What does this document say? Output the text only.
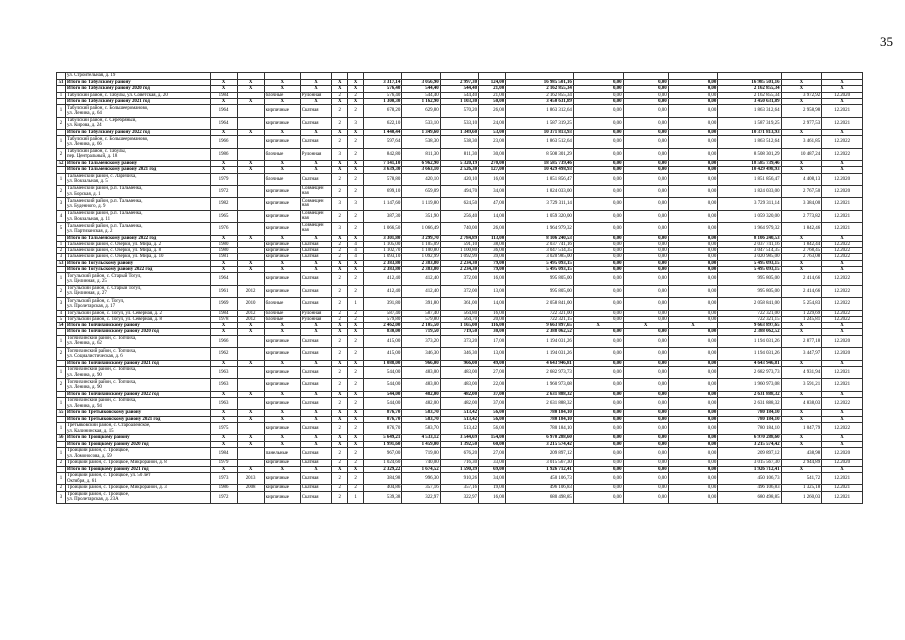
35
	ул. Строительная, д. 19																	
51	Итого по Табулскому району	X	X	X	X	X	X	3 317,14	3 056,90	2 997,30	124,00	16 985 501,16	0,00	0,00	0,00	16 985 501,16	X	X
	Итого по Табулскому району 2020 год	X	X	X	X	X	X	576,40	544,40	544,40	21,00	2 162 855,34	0,00	0,00	0,00	2 162 855,34	X	X
1	Табулский район, с. Табулы, ул. Советская, д. 20	1984		блочные	Рулонная	2	2	576,40	544,40	544,40	21,00	2 162 855,34	0,00	0,00	0,00	2 162 855,34	3 972,92	12.2020
	Итого по Табулскому району 2021 год	X	X	X	X	X	X	1 300,30	1 162,90	1 103,30	50,00	3 450 631,89	0,00	0,00	0,00	3 450 631,89	X	X
1	Табулский район, с. Большеероманово,
ул. Ленина, д. 64	1964		кирпичные	Скатная	2	2	678,20	629,80	570,20	26,00	1 863 312,64	0,00	0,00	0,00	1 863 312,64	2 958,98	12.2021
2	Табулский район, с. Серебряный,
ул. Кирова, д. 24	1964		кирпичные	Скатная	2	3	622,10	533,10	533,10	24,00	1 587 319,25	0,00	0,00	0,00	1 587 319,25	2 977,53	12.2021
	Итого по Табулскому району 2022 год	X	X	X	X	X	X	1 440,44	1 349,60	1 349,60	53,00	10 371 813,93	0,00	0,00	0,00	10 371 813,93	X	X
1	Табулский район, с. Большеероманово,
ул. Ленина, д. 66	1966		кирпичные	Скатная	2	2	597,64	538,30	538,30	23,00	1 863 512,64	0,00	0,00	0,00	1 863 512,64	3 461,85	12.2022
2	Табулский район, с. Табулы,
пер. Центральный, д. 18	1986		блочные	Рулонная	3	2	842,80	811,30	811,30	30,00	8 508 301,29	0,00	0,00	0,00	8 508 301,29	10 487,24	12.2022
52	Итого по Тальменскому району	X	X	X	X	X	X	7 141,10	6 962,90	5 320,19	270,00	18 585 739,46	0,00	0,00	0,00	18 585 739,46	X	X
	Итого по Тальменскому району 2021 год	X	X	X	X	X	X	3 639,30	3 663,10	2 526,30	127,00	10 429 498,93	0,00	0,00	0,00	10 429 498,93	X	X
1	Тальменский район, с. Ларичиха,
ул. Вокзальная, д. 5	1979		блочные	Скатная	2	2	578,80	420,10	420,10	16,00	1 851 856,47	0,00	0,00	0,00	1 851 856,47	4 408,13	12.2020
2	Тальменский район, р.п. Тальменка,
ул. Борская, д. 1	1972		кирпичные	Совмещен
ная	2	2	699,10	659,09	494,70	34,00	1 824 033,00	0,00	0,00	0,00	1 824 033,00	2 767,50	12.2020
3	Тальменский район, р.п. Тальменка,
ул. Буденного, д. 9	1982		кирпичные	Совмещен
ная	3	3	1 147,60	1 119,80	624,50	47,00	3 729 311,14	0,00	0,00	0,00	3 729 311,14	3 384,00	12.2021
4	Тальменский район, р.п. Тальменка,
ул. Вокзальная, д. 11	1965		кирпичные	Совмещен
ная	2	2	387,30	351,90	256,40	14,00	1 059 320,00	0,00	0,00	0,00	1 059 320,00	2 773,82	12.2021
5	Тальменский район, р.п. Тальменка,
ул. Партизанская, д. 2	1976		кирпичные	Совмещен
ная	3	2	1 066,50	1 066,49	740,00	26,00	1 964 979,32	0,00	0,00	0,00	1 964 979,32	1 842,46	12.2021
	Итого по Тальменскому району 2022 год	X	X	X	X	X	X	3 301,80	3 299,70	2 784,89	113,00	8 106 240,53	0,00	0,00	0,00	8 106 240,53	X	X
1	Тальменский район, с. Озерки, ул. Мира, д. 2	1980		кирпичные	Скатная	2	4	1 105,00	1 105,09	591,10	38,00	2 037 741,16	0,00	0,00	0,00	2 037 741,16	1 842,44	12.2022
2	Тальменский район, с. Озерки, ул. Мира, д. 8	1980		кирпичные	Скатная	2	4	1 102,70	1 100,80	1 100,80	36,00	3 047 514,35	0,00	0,00	0,00	3 047 514,35	2 768,45	12.2022
3	Тальменский район, с. Озерки, ул. Мира, д. 10	1981		кирпичные	Скатная	2	4	1 093,10	1 092,99	1 092,99	39,00	3 020 985,00	0,00	0,00	0,00	3 020 985,00	2 763,08	12.2022
53	Итого по Тогульскому району	X	X	X	X	X	X	2 383,80	2 383,80	2 234,30	79,00	5 495 093,15	0,00	0,00	0,00	5 495 093,15	X	X
	Итого по Тогульскому району 2022 год	X	X	X	X	X	X	2 383,80	2 383,80	2 234,30	79,00	5 495 093,15	0,00	0,00	0,00	5 495 093,15	X	X
1	Тогульский район, с. Старый Тогул,
ул. Целинная, д. 25	1964		кирпичные	Скатная	2	2	412,40	412,40	372,00	16,00	995 805,00	0,00	0,00	0,00	995 805,00	2 414,66	12.2022
2	Тогульский район, с. Старый Тогул,
ул. Целинная, д. 27	1961	2012	кирпичные	Скатная	2	2	412,40	412,40	372,00	13,00	995 805,00	0,00	0,00	0,00	995 805,00	2 414,66	12.2022
3	Тогульский район, с. Тогул,
ул. Пролетарская, д. 17	1969	2010	блочные	Скатная	2	1	391,80	391,80	361,00	14,00	2 058 841,00	0,00	0,00	0,00	2 058 841,00	5 254,83	12.2022
4	Тогульский район, с. Тогул, ул. Северная, д. 2	1984	2012	блочные	Рулонная	2	2	587,40	587,40	564,80	16,00	722 321,00	0,00	0,00	0,00	722 321,00	1 229,69	12.2022
5	Тогульский район, с. Тогул, ул. Северная, д. 8	1978	2012	блочные	Рулонная	2	2	579,80	579,80	564,70	20,00	722 321,15	0,00	0,00	0,00	722 321,15	1 245,81	12.2022
54	Итого по Топчихинскому району	X	X	X	X	X	X	2 462,00	2 105,50	1 165,00	116,00	9 663 897,65	X	X	X	9 663 897,65	X	X
	Итого по Топчихинскому району 2020 год	X	X	X	X	X	X	830,00	719,50	719,50	30,00	2 388 062,52	0,00	0,00	0,00	2 388 062,52	X	X
1	Топчихинский район, с. Топчиха,
ул. Ленина, д. 62	1966		кирпичные	Скатная	2	2	415,00	373,20	373,20	17,00	1 194 031,26	0,00	0,00	0,00	1 194 031,26	2 877,18	12.2020
2	Топчихинский район, с. Топчиха,
ул. Социалистическая, д. 6	1962		кирпичные	Скатная	2	2	415,00	346,30	346,30	13,00	1 194 031,26	0,00	0,00	0,00	1 194 031,26	3 447,97	12.2020
	Итого по Топчихинскому району 2021 год	X	X	X	X	X	X	1 088,00	966,00	966,00	49,00	4 643 946,81	0,00	0,00	0,00	4 643 946,81	X	X
1	Топчихинский район, с. Топчиха,
ул. Ленина, д. 90	1963		кирпичные	Скатная	2	2	544,00	483,00	483,00	27,00	2 682 973,73	0,00	0,00	0,00	2 682 973,73	4 931,94	12.2021
2	Топчихинский район, с. Топчиха,
ул. Ленина, д. 90	1963		кирпичные	Скатная	2	2	544,00	483,00	483,00	22,00	1 960 973,08	0,00	0,00	0,00	1 960 973,08	3 591,21	12.2021
	Итого по Топчихинскому району 2022 год	X	X	X	X	X	X	544,00	482,00	482,00	37,00	2 631 888,32	0,00	0,00	0,00	2 631 888,32	X	X
1	Топчихинский район, с. Топчиха,
ул. Ленина, д. 94	1963		кирпичные	Скатная	2	2	544,00	482,00	482,00	37,00	2 631 888,32	0,00	0,00	0,00	2 631 888,32	4 838,03	12.2022
55	Итого по Третьяковскому району	X	X	X	X	X	X	876,70	583,70	513,42	56,00	780 184,10	0,00	0,00	0,00	780 184,10	X	X
	Итого по Третьяковскому району 2021 год	X	X	X	X	X	X	876,70	583,70	513,42	56,00	780 184,10	0,00	0,00	0,00	780 184,10	X	X
1	Третьяковский район, с. Староалейское,
ул. Калининская, д. 15	1975		кирпичные	Скатная	2	2	876,70	583,70	513,42	56,00	780 184,10	0,00	0,00	0,00	780 184,10	1 047,79	12.2022
56	Итого по Троицкому району	X	X	X	X	X	X	5 649,21	4 533,12	3 544,69	154,00	6 970 288,60	0,00	0,00	0,00	6 970 288,60	X	X
	Итого по Троицкому району 2020 год	X	X	X	X	X	X	1 991,60	1 459,00	1 392,50	60,00	3 215 574,42	0,00	0,00	0,00	3 215 574,42	X	X
1	Троицкий район, с. Троицкое,
ул. Ломоносова, д. 59	1984		панельные	Скатная	2	2	967,00	719,00	676,20	27,00	209 897,12	0,00	0,00	0,00	209 897,12	438,98	12.2020
2	Троицкий район, с. Троицкое, Микрорайон, д. 8	1979		кирпичные	Скатная	2	2	1 024,60	740,00	716,30	33,00	3 015 567,30	0,00	0,00	0,00	3 015 567,30	2 944,89	12.2020
	Итого по Троицкому району 2021 год	X	X	X	X	X	X	2 329,22	1 674,52	1 590,39	69,00	1 926 712,41	0,00	0,00	0,00	1 926 712,41	X	X
1	Троицкий район, с. Троицкое, ул. 50 лет
Октября, д. 61	1973	2013	кирпичные	Скатная	2	2	384,98	996,30	910,26	34,00	450 106,73	0,00	0,00	0,00	450 106,73	541,72	12.2021
2	Троицкий район, с. Троицкое, Микрорайон, д. 3	1986	2008	кирпичные	Скатная	2	2	404,86	357,16	357,16	19,00	496 106,83	0,00	0,00	0,00	496 106,83	1 325,18	12.2021
3	Троицкий район, с. Троицкое,
ул. Пролетарская, д. 23А	1972		кирпичные	Скатная	2	1	539,38	322,97	322,97	16,00	680 498,85	0,00	0,00	0,00	680 498,85	1 260,03	12.2021
